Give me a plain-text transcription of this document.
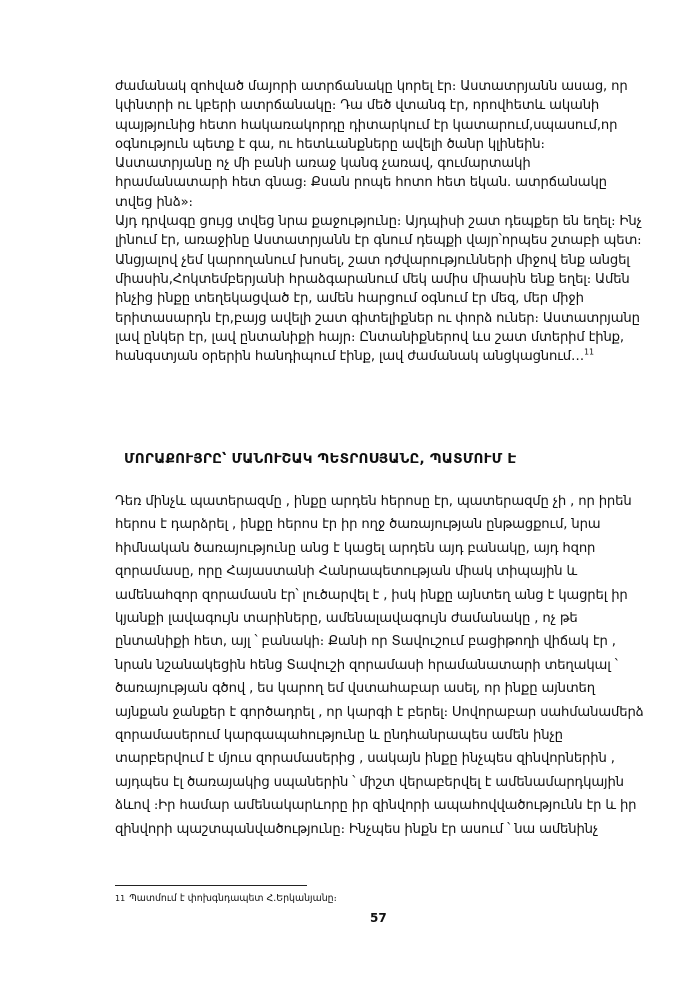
ժամանակ զոհված մայորի ատրճանակը կորել էր։ Աստատրյանն ասաց, որ կփնտրի ու կբերի ատրճանակը։ Դա մեծ վտանգ էր, որովհետև ականի պայթյունից հետո հակառակորդը դիտարկում էր կատարում,սպասում,որ օգնություն պետք է գա, ու հետևանքները ավելի ծանր կլինեին։ Աստատրյանը ոչ մի բանի առաջ կանգ չառավ, գումարտակի հրամանատարի հետ գնաց։ Քսան րոպե հոտո հետ եկան. ատրճանակը տվեց ինձ»։

Այդ դրվագը ցույց տվեց նրա քաջությունը։ Այդպիսի շատ դեպքեր են եղել։ Ինչ լինում էր, առաջինը Աստատրյանն էր գնում դեպքի վայր՝որպես շտաբի պետ։

Անցյալով չեմ կարողանում խոսել, շատ դժվարությունների միջով ենք անցել միասին,Հոկտեմբերյանի հրաձգարանում մեկ ամիս միասին ենք եղել։ Ամեն ինչից ինքը տեղեկացված էր, ամեն հարցում օգնում էր մեզ, մեր միջի երիտասարդն էր,բայց ավելի շատ գիտելիքներ ու փորձ ուներ։ Աստատրյանը լավ ընկեր էր, լավ ընտանիքի հայր։ Ընտանիքներով ևս շատ մտերիմ էինք, հանգստյան օրերին հանդիպում էինք, լավ ժամանակ անցկացնում…$^{11}$

ՄՈՐԱՔՈՒՅՐԸ՝ ՄԱՆՈՒՇԱԿ ՊԵՏՐՈՍՅԱՆԸ, ՊԱՏՄՈՒՄ Է

Դեռ մինչև պատերազմը , ինքը արդեն հերոսը էր, պատերազմը չի , որ իրեն հերոս է դարձրել , ինքը հերոս էր իր ողջ ծառայության ընթացքում, նրա հիմնական ծառայությունը անց է կացել արդեն այդ բանակը, այդ հզոր զորամասը, որը Հայաստանի Հանրապետության միակ տիպային և ամենահզոր զորամասն էր՝ լուծարվել է , իսկ ինքը այնտեղ անց է կացրել իր կյանքի լավագույն տարիները, ամենալավագույն ժամանակը , ոչ թե ընտանիքի հետ, այլ ՝ բանակի։ Քանի որ Տավուշում բացիթողի վիճակ էր , նրան նշանակեցին հենց Տավուշի զորամասի հրամանատարի տեղակալ ՝ ծառայության գծով , ես կարող եմ վստահաբար ասել, որ ինքը այնտեղ այնքան ջանքեր է գործադրել , որ կարգի է բերել։ Սովորաբար սահմանամերձ զորամասերում կարգապահությունը և ընդհանրապես ամեն ինչը տարբերվում է մյուս զորամասերից , սակայն ինքը ինչպես զինվորներին , այդպես էլ ծառայակից սպաներին ՝ միշտ վերաբերվել է ամենամարդկային ձևով ։Իր համար ամենակարևորը իր զինվորի ապահովվածությունն էր և իր զինվորի պաշտպանվածությունը։ Ինչպես ինքն էր ասում ՝ նա ամենինչ

11 Պատմում է փոխգնդապետ Հ.Երկանյանը։
57
